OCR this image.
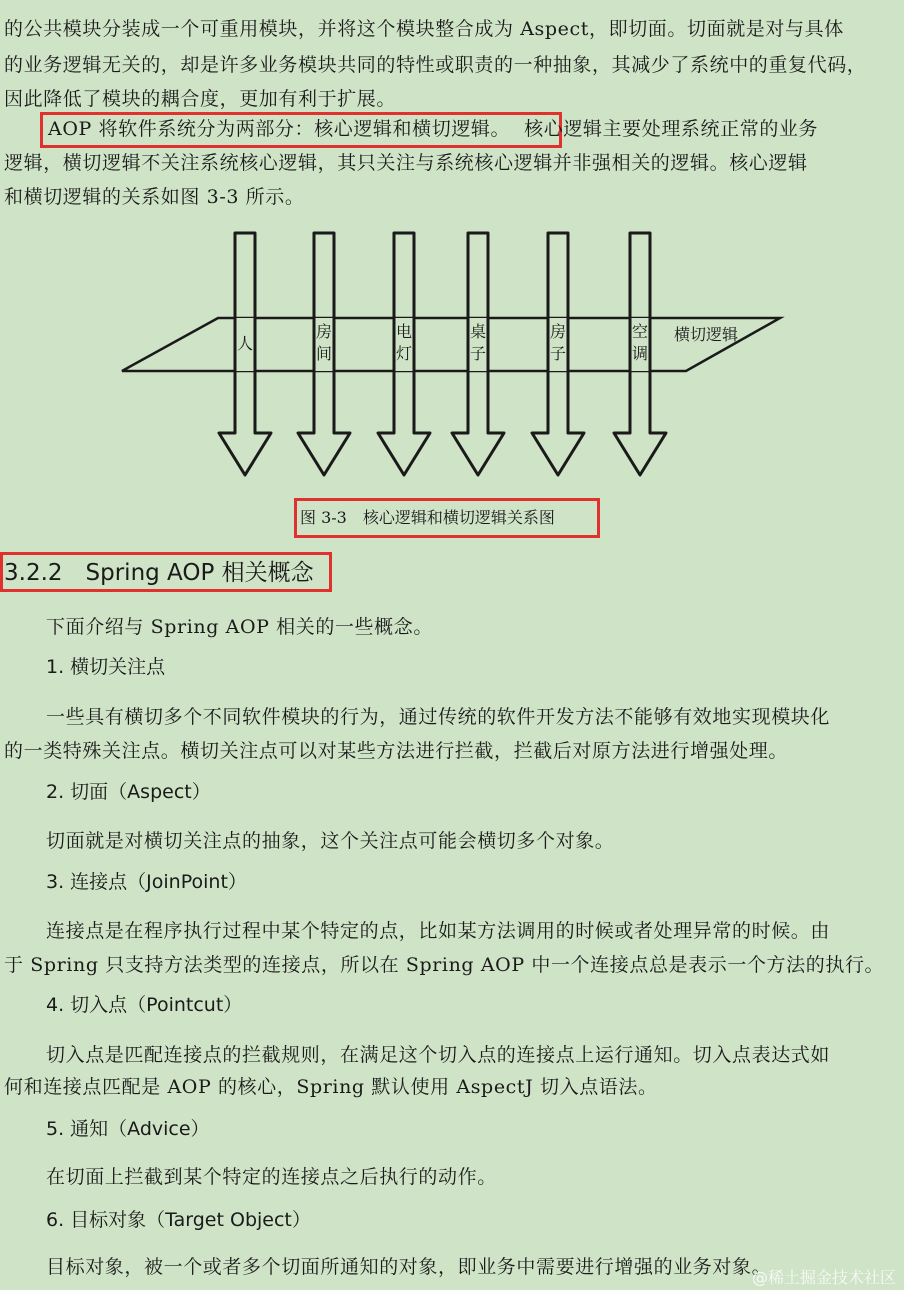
的公共模块分装成一个可重用模块，并将这个模块整合成为 Aspect，即切面。切面就是对与具体
的业务逻辑无关的，却是许多业务模块共同的特性或职责的一种抽象，其减少了系统中的重复代码，
因此降低了模块的耦合度，更加有利于扩展。
AOP 将软件系统分为两部分：核心逻辑和横切逻辑。 核心逻辑主要处理系统正常的业务
逻辑，横切逻辑不关注系统核心逻辑，其只关注与系统核心逻辑并非强相关的逻辑。核心逻辑
和横切逻辑的关系如图 3-3 所示。
人
房间
电灯
桌子
房子
空调
横切逻辑
图 3-3　核心逻辑和横切逻辑关系图
3.2.2　Spring AOP 相关概念
下面介绍与 Spring AOP 相关的一些概念。
1. 横切关注点
一些具有横切多个不同软件模块的行为，通过传统的软件开发方法不能够有效地实现模块化
的一类特殊关注点。横切关注点可以对某些方法进行拦截，拦截后对原方法进行增强处理。
2. 切面（Aspect）
切面就是对横切关注点的抽象，这个关注点可能会横切多个对象。
3. 连接点（JoinPoint）
连接点是在程序执行过程中某个特定的点，比如某方法调用的时候或者处理异常的时候。由
于 Spring 只支持方法类型的连接点，所以在 Spring AOP 中一个连接点总是表示一个方法的执行。
4. 切入点（Pointcut）
切入点是匹配连接点的拦截规则，在满足这个切入点的连接点上运行通知。切入点表达式如
何和连接点匹配是 AOP 的核心，Spring 默认使用 AspectJ 切入点语法。
5. 通知（Advice）
在切面上拦截到某个特定的连接点之后执行的动作。
6. 目标对象（Target Object）
目标对象，被一个或者多个切面所通知的对象，即业务中需要进行增强的业务对象。
@稀土掘金技术社区
